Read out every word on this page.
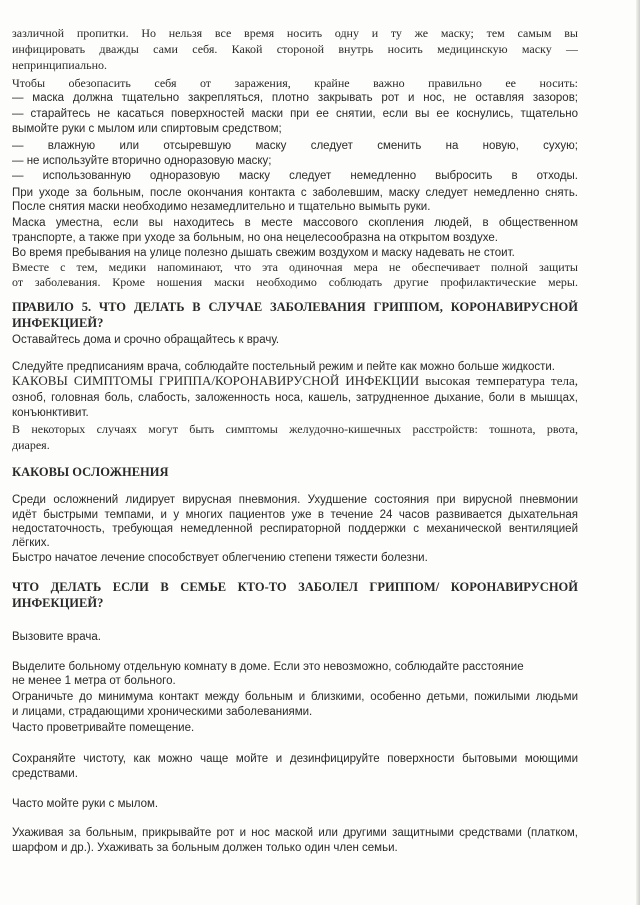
зазличной пропитки. Но нельзя все время носить одну и ту же маску; тем самым вы
инфицировать дважды сами себя. Какой стороной внутрь носить медицинскую маску —
непринципиально.
Чтобы обезопасить себя от заражения, крайне важно правильно ее носить:
— маска должна тщательно закрепляться, плотно закрывать рот и нос, не оставляя зазоров;
— старайтесь не касаться поверхностей маски при ее снятии, если вы ее коснулись, тщательно
вымойте руки с мылом или спиртовым средством;
— влажную или отсыревшую маску следует сменить на новую, сухую;
— не используйте вторично одноразовую маску;
— использованную одноразовую маску следует немедленно выбросить в отходы.
При уходе за больным, после окончания контакта с заболевшим, маску следует немедленно снять.
После снятия маски необходимо незамедлительно и тщательно вымыть руки.
Маска уместна, если вы находитесь в месте массового скопления людей, в общественном
транспорте, а также при уходе за больным, но она нецелесообразна на открытом воздухе.
Во время пребывания на улице полезно дышать свежим воздухом и маску надевать не стоит.
Вместе с тем, медики напоминают, что эта одиночная мера не обеспечивает полной защиты
от заболевания. Кроме ношения маски необходимо соблюдать другие профилактические меры.
ПРАВИЛО 5. ЧТО ДЕЛАТЬ В СЛУЧАЕ ЗАБОЛЕВАНИЯ ГРИППОМ, КОРОНАВИРУСНОЙ
ИНФЕКЦИЕЙ?
Оставайтесь дома и срочно обращайтесь к врачу.
Следуйте предписаниям врача, соблюдайте постельный режим и пейте как можно больше жидкости.
КАКОВЫ СИМПТОМЫ ГРИППА/КОРОНАВИРУСНОЙ ИНФЕКЦИИ высокая температура тела,
озноб, головная боль, слабость, заложенность носа, кашель, затрудненное дыхание, боли в мышцах,
конъюнктивит.
В некоторых случаях могут быть симптомы желудочно-кишечных расстройств: тошнота, рвота,
диарея.
КАКОВЫ ОСЛОЖНЕНИЯ
Среди осложнений лидирует вирусная пневмония. Ухудшение состояния при вирусной пневмонии
идёт быстрыми темпами, и у многих пациентов уже в течение 24 часов развивается дыхательная
недостаточность, требующая немедленной респираторной поддержки с механической вентиляцией
лёгких.
Быстро начатое лечение способствует облегчению степени тяжести болезни.
ЧТО ДЕЛАТЬ ЕСЛИ В СЕМЬЕ КТО-ТО ЗАБОЛЕЛ ГРИППОМ/ КОРОНАВИРУСНОЙ
ИНФЕКЦИЕЙ?
Вызовите врача.
Выделите больному отдельную комнату в доме. Если это невозможно, соблюдайте расстояние
не менее 1 метра от больного.
Ограничьте до минимума контакт между больным и близкими, особенно детьми, пожилыми людьми
и лицами, страдающими хроническими заболеваниями.
Часто проветривайте помещение.
Сохраняйте чистоту, как можно чаще мойте и дезинфицируйте поверхности бытовыми моющими
средствами.
Часто мойте руки с мылом.
Ухаживая за больным, прикрывайте рот и нос маской или другими защитными средствами (платком,
шарфом и др.). Ухаживать за больным должен только один член семьи.
